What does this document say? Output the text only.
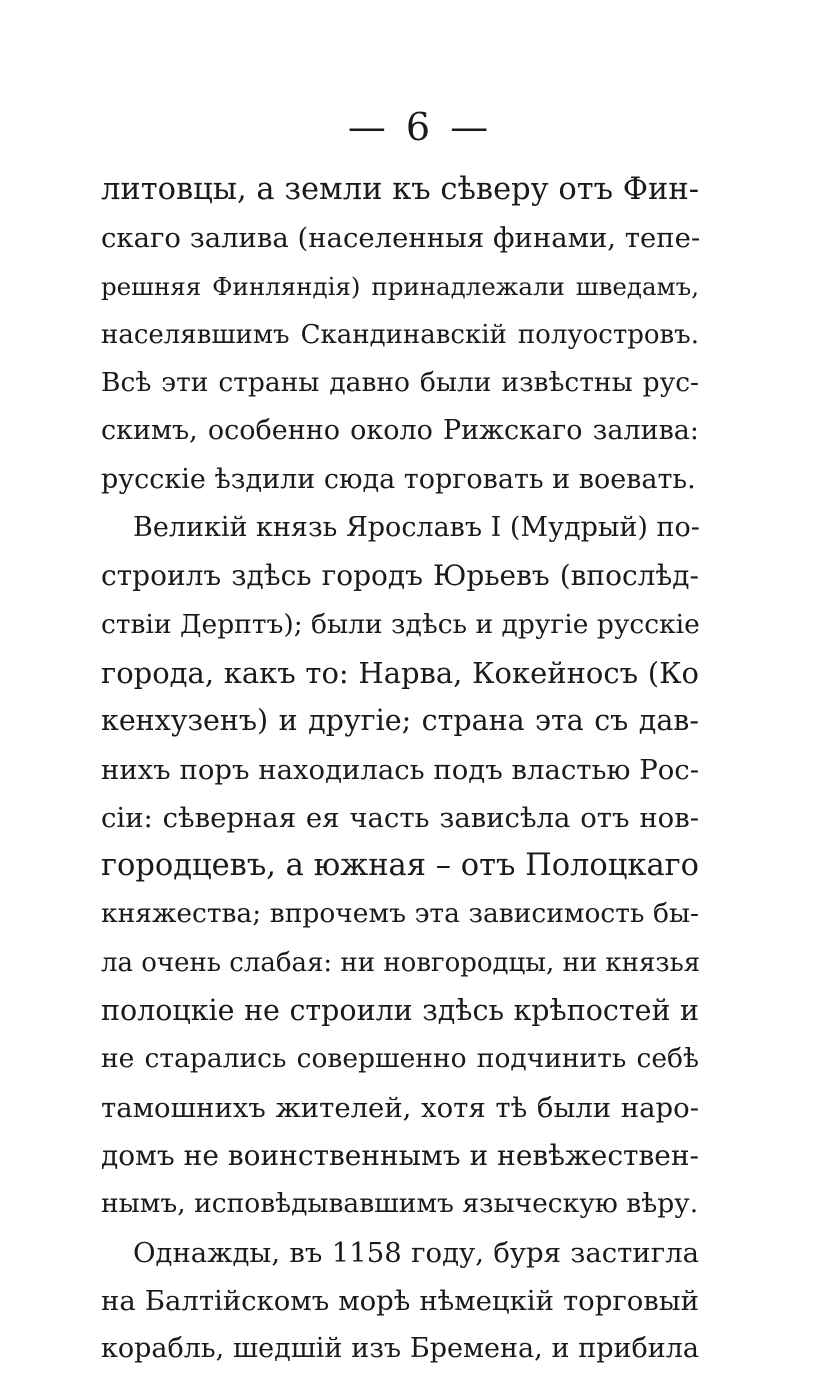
— 6 —
литовцы, а земли къ сѣверу отъ Фин-
скаго залива (населенныя финами, тепе-
решняя Финляндія) принадлежали шведамъ,
населявшимъ Скандинавскій полуостровъ.
Всѣ эти страны давно были извѣстны рус-
скимъ, особенно около Рижскаго залива:
русскіе ѣздили сюда торговать и воевать.
Великій князь Ярославъ I (Мудрый) по-
строилъ здѣсь городъ Юрьевъ (впослѣд-
ствіи Дерптъ); были здѣсь и другіе русскіе
города, какъ то: Нарва, Кокейносъ (Ко
кенхузенъ) и другіе; страна эта съ дав-
нихъ поръ находилась подъ властью Рос-
сіи: сѣверная ея часть зависѣла отъ нов-
городцевъ, а южная – отъ Полоцкаго
княжества; впрочемъ эта зависимость бы-
ла очень слабая: ни новгородцы, ни князья
полоцкіе не строили здѣсь крѣпостей и
не старались совершенно подчинить себѣ
тамошнихъ жителей, хотя тѣ были наро-
домъ не воинственнымъ и невѣжествен-
нымъ, исповѣдывавшимъ языческую вѣру.
Однажды, въ 1158 году, буря застигла
на Балтійскомъ морѣ нѣмецкій торговый
корабль, шедшій изъ Бремена, и прибила
